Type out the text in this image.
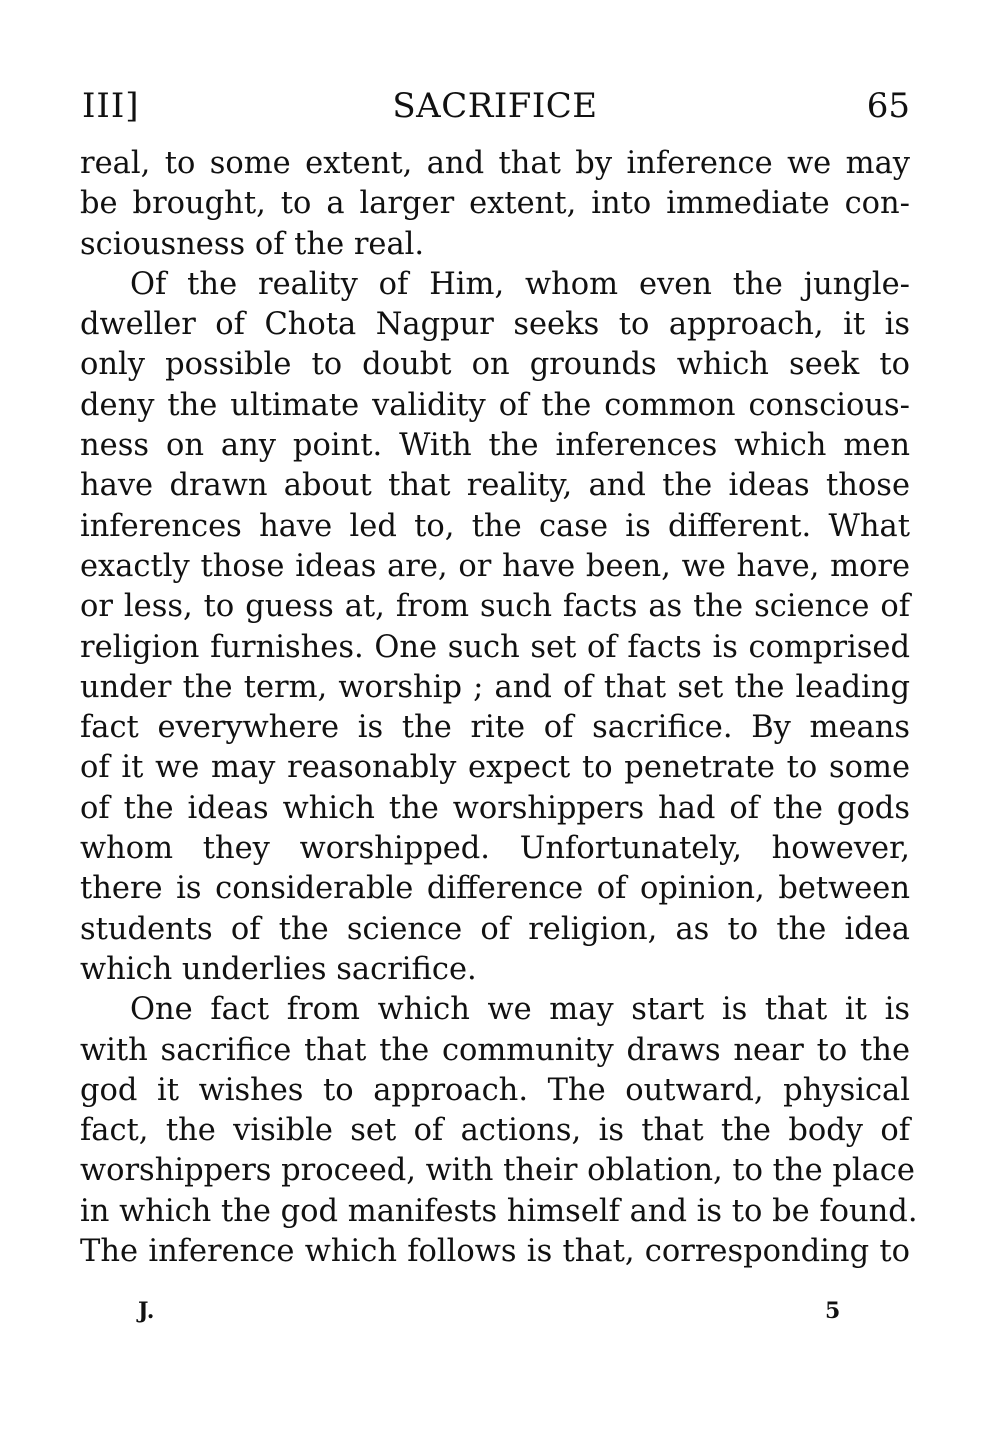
III]	SACRIFICE	65
real, to some extent, and that by inference we may
be brought, to a larger extent, into immediate con-
sciousness of the real.
Of the reality of Him, whom even the jungle-
dweller of Chota Nagpur seeks to approach, it is
only possible to doubt on grounds which seek to
deny the ultimate validity of the common conscious-
ness on any point. With the inferences which men
have drawn about that reality, and the ideas those
inferences have led to, the case is different. What
exactly those ideas are, or have been, we have, more
or less, to guess at, from such facts as the science of
religion furnishes. One such set of facts is comprised
under the term, worship ; and of that set the leading
fact everywhere is the rite of sacrifice. By means
of it we may reasonably expect to penetrate to some
of the ideas which the worshippers had of the gods
whom they worshipped. Unfortunately, however,
there is considerable difference of opinion, between
students of the science of religion, as to the idea
which underlies sacrifice.
One fact from which we may start is that it is
with sacrifice that the community draws near to the
god it wishes to approach. The outward, physical
fact, the visible set of actions, is that the body of
worshippers proceed, with their oblation, to the place
in which the god manifests himself and is to be found.
The inference which follows is that, corresponding to
J.	5
